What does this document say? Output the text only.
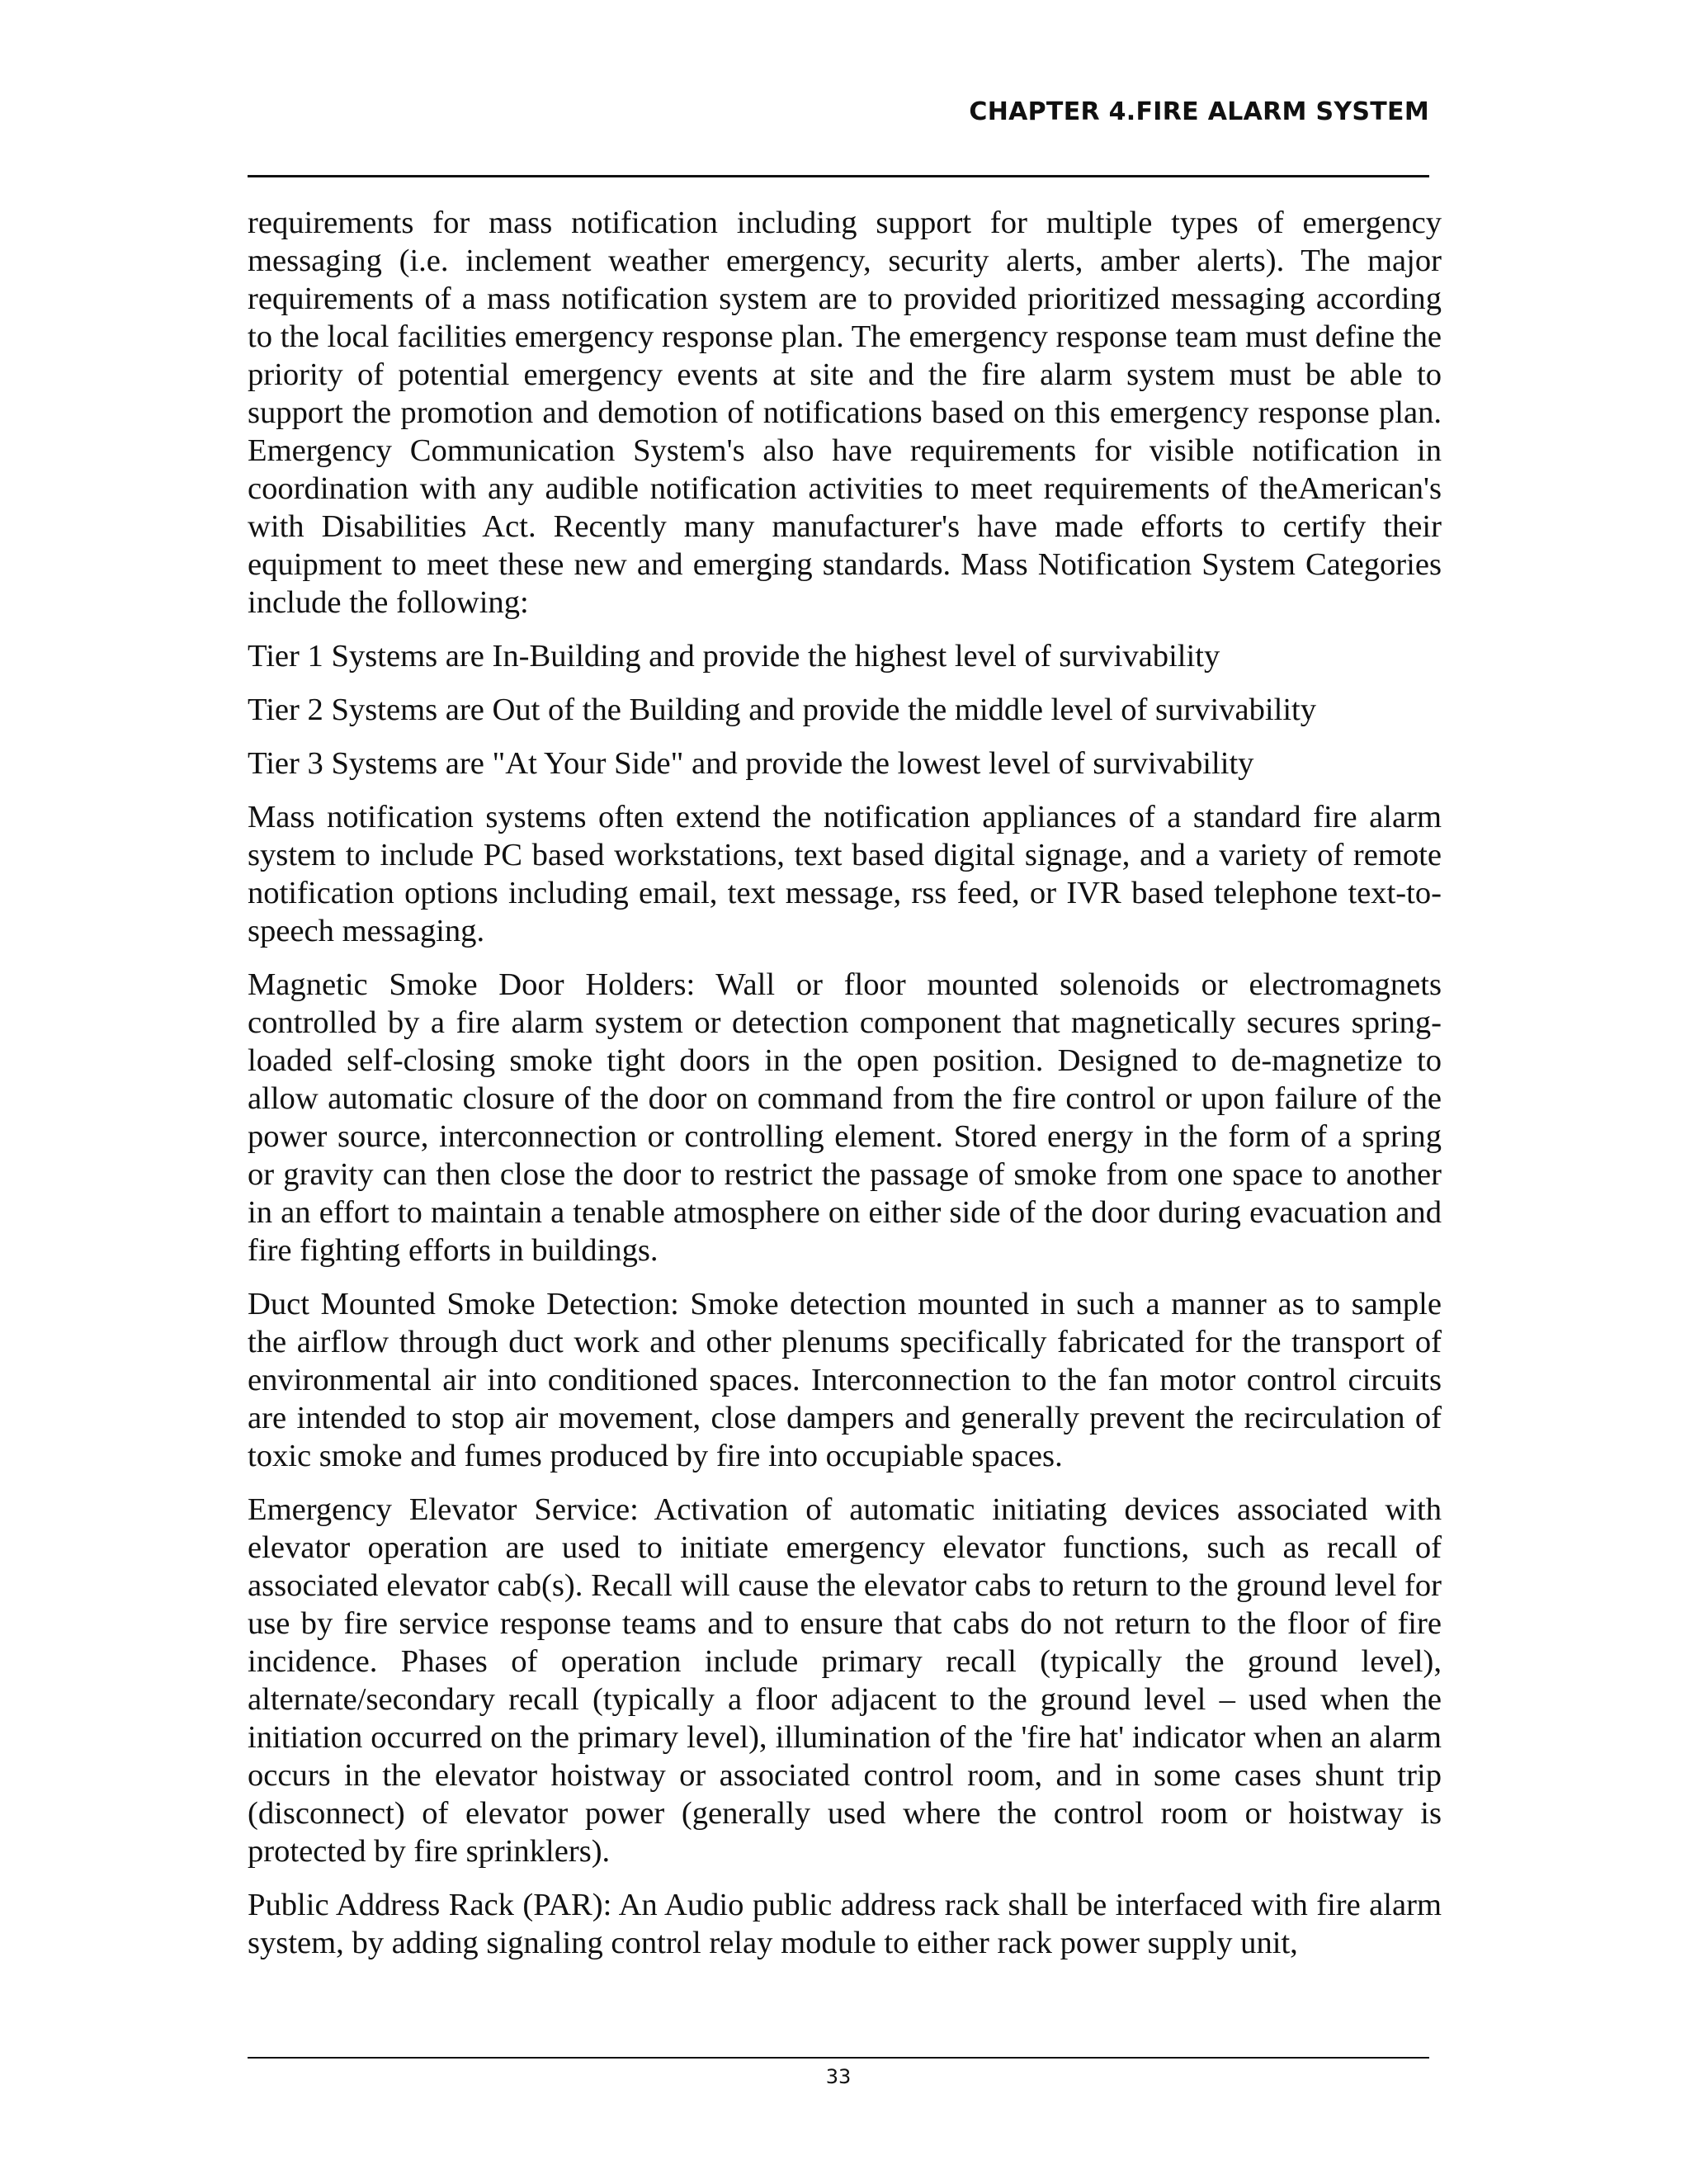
CHAPTER 4.FIRE ALARM SYSTEM

requirements for mass notification including support for multiple types of emergency messaging (i.e. inclement weather emergency, security alerts, amber alerts). The major requirements of a mass notification system are to provided prioritized messaging according to the local facilities emergency response plan. The emergency response team must define the priority of potential emergency events at site and the fire alarm system must be able to support the promotion and demotion of notifications based on this emergency response plan. Emergency Communication System's also have requirements for visible notification in coordination with any audible notification activities to meet requirements of theAmerican's with Disabilities Act. Recently many manufacturer's have made efforts to certify their equipment to meet these new and emerging standards. Mass Notification System Categories include the following:

Tier 1 Systems are In-Building and provide the highest level of survivability

Tier 2 Systems are Out of the Building and provide the middle level of survivability

Tier 3 Systems are "At Your Side" and provide the lowest level of survivability

Mass notification systems often extend the notification appliances of a standard fire alarm system to include PC based workstations, text based digital signage, and a variety of remote notification options including email, text message, rss feed, or IVR based telephone text-to-speech messaging.

Magnetic Smoke Door Holders: Wall or floor mounted solenoids or electromagnets controlled by a fire alarm system or detection component that magnetically secures spring-loaded self-closing smoke tight doors in the open position. Designed to de-magnetize to allow automatic closure of the door on command from the fire control or upon failure of the power source, interconnection or controlling element. Stored energy in the form of a spring or gravity can then close the door to restrict the passage of smoke from one space to another in an effort to maintain a tenable atmosphere on either side of the door during evacuation and fire fighting efforts in buildings.

Duct Mounted Smoke Detection: Smoke detection mounted in such a manner as to sample the airflow through duct work and other plenums specifically fabricated for the transport of environmental air into conditioned spaces. Interconnection to the fan motor control circuits are intended to stop air movement, close dampers and generally prevent the recirculation of toxic smoke and fumes produced by fire into occupiable spaces.

Emergency Elevator Service: Activation of automatic initiating devices associated with elevator operation are used to initiate emergency elevator functions, such as recall of associated elevator cab(s). Recall will cause the elevator cabs to return to the ground level for use by fire service response teams and to ensure that cabs do not return to the floor of fire incidence. Phases of operation include primary recall (typically the ground level), alternate/secondary recall (typically a floor adjacent to the ground level – used when the initiation occurred on the primary level), illumination of the 'fire hat' indicator when an alarm occurs in the elevator hoistway or associated control room, and in some cases shunt trip (disconnect) of elevator power (generally used where the control room or hoistway is protected by fire sprinklers).

Public Address Rack (PAR): An Audio public address rack shall be interfaced with fire alarm system, by adding signaling control relay module to either rack power supply unit,

33
